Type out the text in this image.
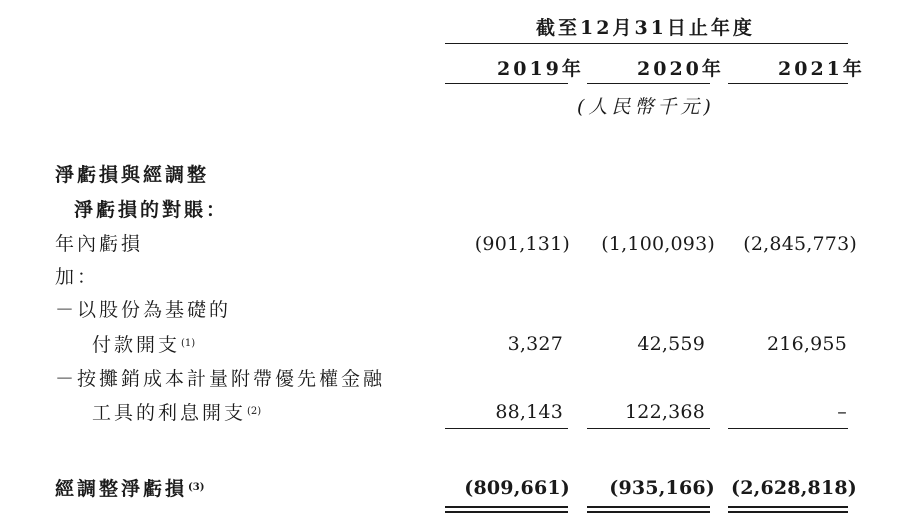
截至12月31日止年度
2019年	2020年	2021年
(人民幣千元)
淨虧損與經調整
淨虧損的對賬：
年內虧損	(901,131) (1,100,093) (2,845,773)
加：
－以股份為基礎的
付款開支$^{(1)}$	3,327	42,559	216,955
－按攤銷成本計量附帶優先權金融
工具的利息開支$^{(2)}$	88,143	122,368	–
經調整淨虧損$^{(3)}$	(809,661) (935,166) (2,628,818)
